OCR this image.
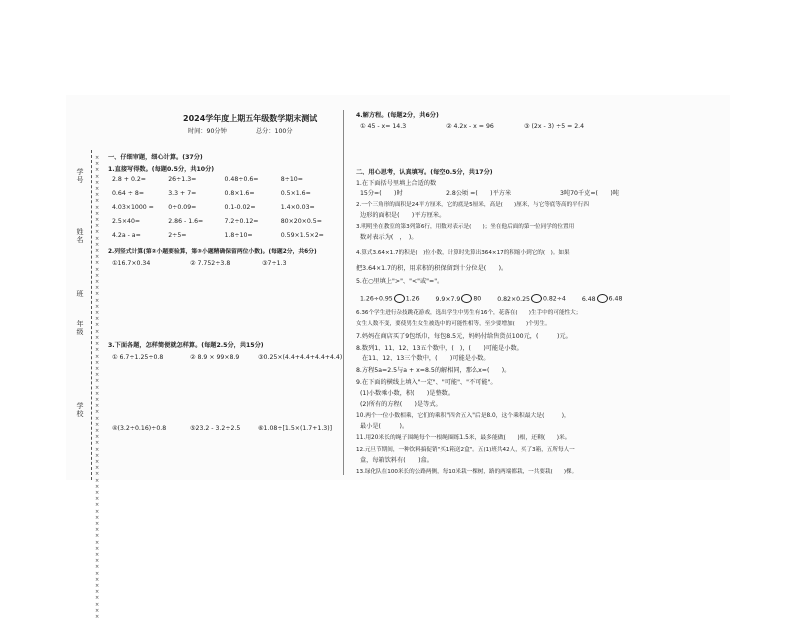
学号
姓名
班
年级
学校
×××××××××××××××××××××××××××××××××××××××××××××××××××××××××××××××××××××××××××
2024学年度上期五年级数学期末测试
时间：90分钟	总分：100分
一、仔细审题，细心计算。(37分)
1.直接写得数。(每题0.5分，共10分)
2.8 + 0.2=	26÷1.3=	0.48÷0.6=	8÷10=
0.64 ÷ 8=	3.3 + 7=	0.8×1.6=	0.5×1.6=
4.03×1000 =	0÷0.09=	0.1-0.02=	1.4×0.03=
2.5×40=	2.86 - 1.6=	7.2÷0.12=	80×20×0.5=
4.2a - a=	2÷5=	1.8÷10=	0.59×1.5×2=
2.列竖式计算(第②小题要验算，第③小题精确保留两位小数)。(每题2分，共6分)
①16.7×0.34	② 7.752÷3.8	③7÷1.3
3.下面各题，怎样简便就怎样算。(每题2.5分，共15分)
① 6.7÷1.25÷0.8	② 8.9 × 99×8.9	③0.25×(4.4+4.4+4.4+4.4)
④(3.2÷0.16)÷0.8	⑤23.2 - 3.2÷2.5	⑥1.08÷[1.5×(1.7+1.3)]
4.解方程。(每题2分，共6分)
① 45 - x= 14.3	② 4.2x - x = 96	③ (2x - 3) ÷5 = 2.4
二、用心思考，认真填写。(每空0.5分，共17分)
1.在下面括号里填上合适的数
15分=(　　)时	2.8公顷 =(　　)平方米	3吨70千克=(　　)吨
2.一个三角形的面积是24平方厘米，它的底是5厘米，高是(　　)厘米，与它等底等高的平行四
边形的面积是(　　)平方厘米。
3.明明坐在教室的第3列第6行，用数对表示是(　　)；坐在他后面的第一位同学的位置用
数对表示为(　，　)。
4.算式3.64×1.7的积是(　)位小数，计算时先算出364×17的积缩小到它的(　)。如果
把3.64×1.7的积，用求积的积保留到十分位是(　　)。
5.在○里填上">"、"<"或"="。
1.26÷0.95 1.26	9.9×7.9 80	0.82×0.25 0.82÷4	6.48 6.48
6.36个学生进行杂技跳花游戏，选出学生中男生有16个，花落在(　　)生手中的可能性大；
女生人数不变，要使男生女生被选中的可能性相等，至少要增加(　　)个男生。
7.妈妈在商店买了9包纸巾，每包8.5元，妈妈付给售货员100元，(　　　)元。
8.数列1、11、12、13五个数中，(　)，(　　)可能是小数。
在11、12、13三个数中，(　　)可能是小数。
8.方程5a=2.5与a + x=8.5的解相同，那么x=(　　)。
9.在下面的横线上填入"一定"、"可能"、"不可能"。
(1)小数乘小数，积(　　)是整数。
(2)所有的方程(　　)是等式。
10.两个一位小数相乘，它们的乘积"四舍五入"后是8.0，这个乘积最大是(　　　)，
最小是(　　　)。
11.用20米长的绳子围绳每个一根绳圈练1.5米，最多能做(　　)根，还剩(　　)米。
12.元旦节期间，一种饮料搞促销"买1箱送2盒"。五(1)班共42人，买了3箱，五所每人一
盒，每箱饮料有(　　)盒。
13.绿化队在100米长的公路两侧，每10米栽一棵树，路的两端都栽，一共要栽(　　)棵。
